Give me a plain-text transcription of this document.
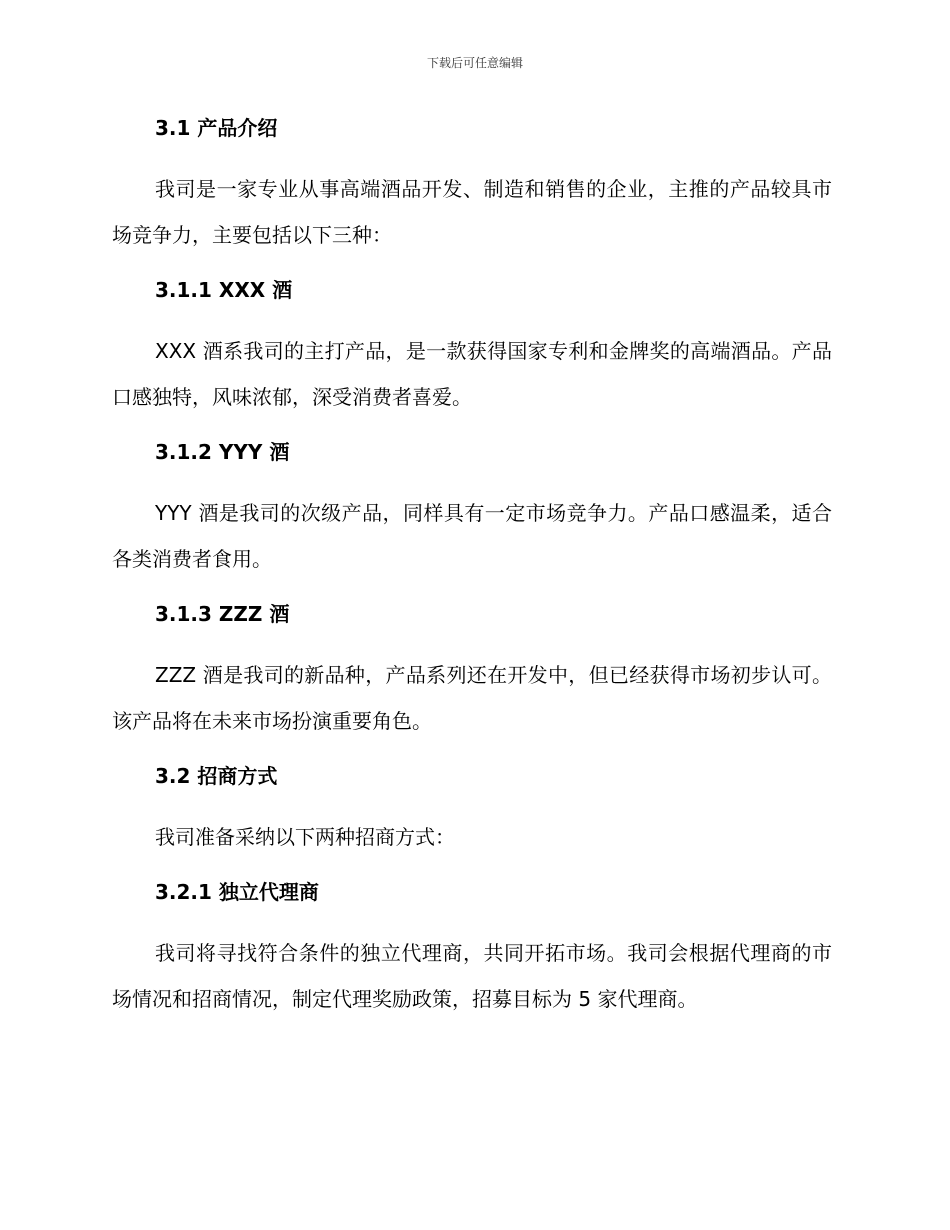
下载后可任意编辑
3.1 产品介绍

我司是一家专业从事高端酒品开发、制造和销售的企业，主推的产品较具市场竞争力，主要包括以下三种：

3.1.1 XXX 酒

XXX 酒系我司的主打产品，是一款获得国家专利和金牌奖的高端酒品。产品口感独特，风味浓郁，深受消费者喜爱。

3.1.2 YYY 酒

YYY 酒是我司的次级产品，同样具有一定市场竞争力。产品口感温柔，适合各类消费者食用。

3.1.3 ZZZ 酒

ZZZ 酒是我司的新品种，产品系列还在开发中，但已经获得市场初步认可。该产品将在未来市场扮演重要角色。

3.2 招商方式

我司准备采纳以下两种招商方式：

3.2.1 独立代理商

我司将寻找符合条件的独立代理商，共同开拓市场。我司会根据代理商的市场情况和招商情况，制定代理奖励政策，招募目标为 5 家代理商。
